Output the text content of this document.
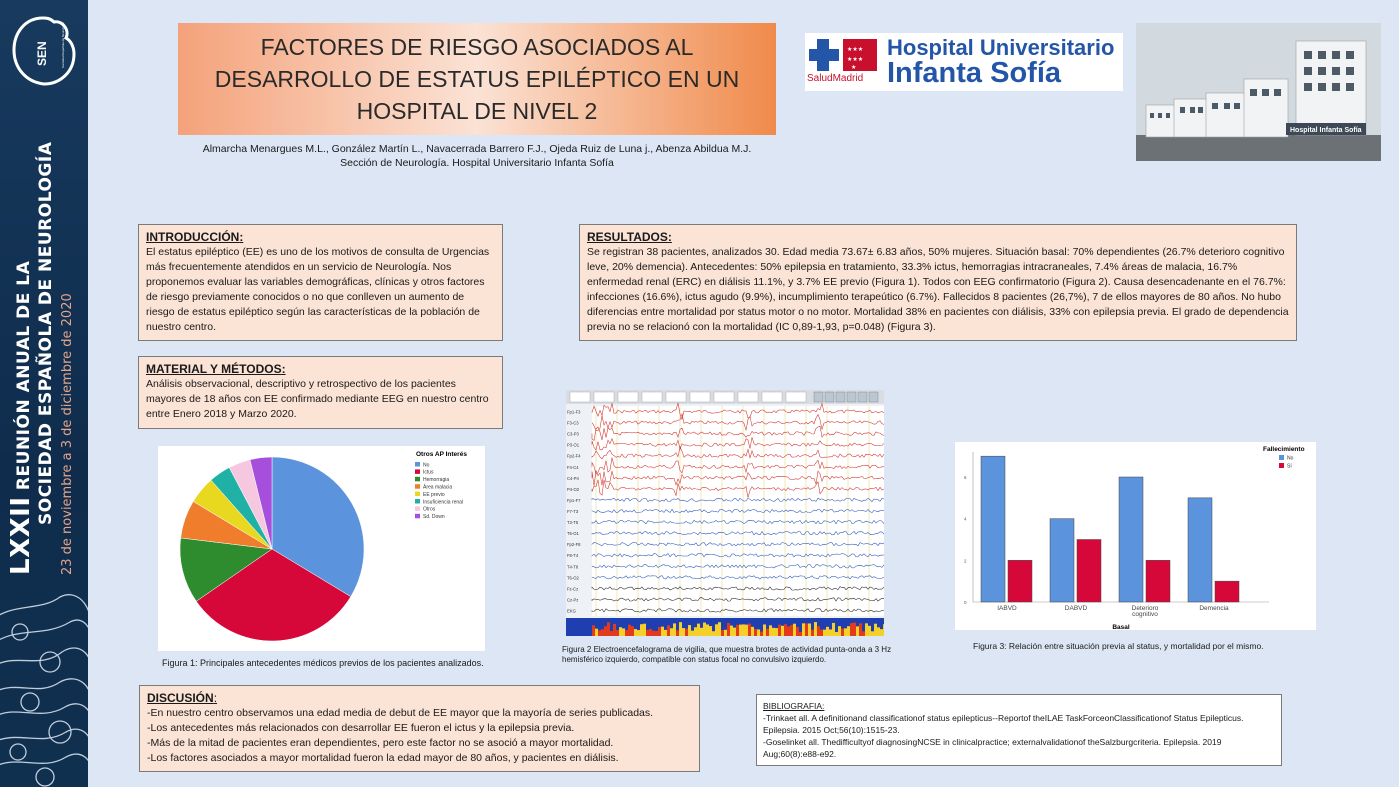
SEN	Sociedad Española de Neurología
LXXII REUNIÓN ANUAL DE LA SOCIEDAD ESPAÑOLA DE NEUROLOGÍA 23 de noviembre a 3 de diciembre de 2020
FACTORES DE RIESGO ASOCIADOS AL DESARROLLO DE ESTATUS EPILÉPTICO EN UN HOSPITAL DE NIVEL 2
Almarcha Menargues M.L., González Martín L., Navacerrada Barrero F.J., Ojeda Ruiz de Luna j., Abenza Abildua M.J.
Sección de Neurología. Hospital Universitario Infanta Sofía
★★★
★★★
★
SaludMadrid
Hospital Universitario
Infanta Sofía
Hospital Infanta Sofía
INTRODUCCIÓN:

El estatus epiléptico (EE) es uno de los motivos de consulta de Urgencias más frecuentemente atendidos en un servicio de Neurología. Nos proponemos evaluar las variables demográficas, clínicas y otros factores de riesgo previamente conocidos o no que conlleven un aumento de riesgo de estatus epiléptico según las características de la población de nuestro centro.

MATERIAL Y MÉTODOS:

Análisis observacional, descriptivo y retrospectivo de los pacientes mayores de 18 años con EE confirmado mediante EEG en nuestro centro entre Enero 2018 y Marzo 2020.

RESULTADOS:

Se registran 38 pacientes, analizados 30. Edad media 73.67± 6.83 años, 50% mujeres. Situación basal: 70% dependientes (26.7% deterioro cognitivo leve, 20% demencia). Antecedentes: 50% epilepsia en tratamiento, 33.3% ictus, hemorragias intracraneales, 7.4% áreas de malacia, 16.7% enfermedad renal (ERC) en diálisis 11.1%, y 3.7% EE previo (Figura 1). Todos con EEG confirmatorio (Figura 2). Causa desencadenante en el 76.7%: infecciones (16.6%), ictus agudo (9.9%), incumplimiento terapeútico (6.7%). Fallecidos 8 pacientes (26,7%), 7 de ellos mayores de 80 años. No hubo diferencias entre mortalidad por status motor o no motor. Mortalidad 38% en pacientes con diálisis, 33% con epilepsia previa. El grado de dependencia previa no se relacionó con la mortalidad (IC 0,89-1,93, p=0.048) (Figura 3).

Otros AP Interés
No
Ictus
Hemorragia
Área malacia
EE previo
Insuficiencia renal
Otros
Sd. Down
Figura 1: Principales antecedentes médicos previos de los pacientes analizados.
Fp1-F3
F3-C3
C3-P3
P3-O1
Fp2-F4
F4-C4
C4-P4
P4-O2
Fp1-F7
F7-T3
T3-T5
T5-O1
Fp2-F8
F8-T4
T4-T6
T6-O2
Fz-Cz
Cz-Pz
EKG
Figura 2 Electroencefalograma de vigilia, que muestra brotes de actividad punta-onda a 3 Hz hemisférico izquierdo, compatible con status focal no convulsivo izquierdo.
0
2
4
6
IABVD	DABVD	Deterioro
cognitivo
Demencia
Basal
Fallecimiento
No
Sí
Figura 3: Relación entre situación previa al status, y mortalidad por el mismo.
DISCUSIÓN:

-En nuestro centro observamos una edad media de debut de EE mayor que la mayoría de series publicadas.

-Los antecedentes más relacionados con desarrollar EE fueron el ictus y la epilepsia previa.

-Más de la mitad de pacientes eran dependientes, pero este factor no se asoció a mayor mortalidad.

-Los factores asociados a mayor mortalidad fueron la edad mayor de 80 años, y pacientes en diálisis.

BIBLIOGRAFIA:
-Trinkaet all. A definitionand classificationof status epilepticus--Reportof theILAE TaskForceonClassificationof Status Epilepticus. Epilepsia. 2015 Oct;56(10):1515-23.
-Goselinket all. Thedifficultyof diagnosingNCSE in clinicalpractice; externalvalidationof theSalzburgcriteria. Epilepsia. 2019 Aug;60(8):e88-e92.
